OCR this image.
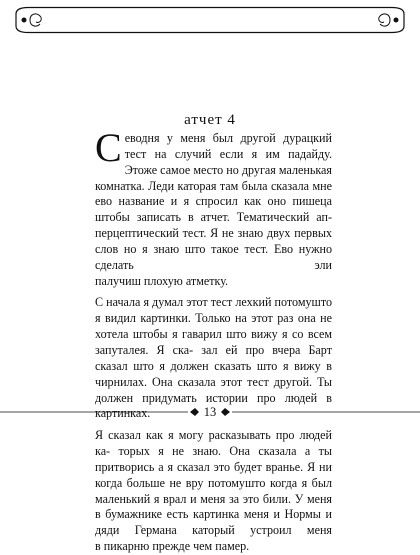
атчет 4

Севодня у меня был другой дурацкий тест на случий если я им падайду. Этоже самое место но другая маленькая комнатка. Леди каторая там была сказала мне ево название и я спросил как оно пишеца штобы записать в атчет. Тематический ап- перцептический тест. Я не знаю двух первых слов но я знаю што такое тест. Ево нужно сделать эли

палучиш плохую атметку.

С начала я думал этот тест лехкий потомушто я видил картинки. Только на этот раз она не хотела штобы я гаварил што вижу я со всем запуталея. Я ска- зал ей про вчера Барт сказал што я должен сказать што я вижу в чирнилах. Она сказала этот тест другой. Ты

должен придумать истории про людей в картинках.

Я сказал как я могу расказывать про людей ка- торых я не знаю. Она сказала а ты притворись а я сказал это будет вранье. Я ни когда больше не вру потомушто когда я был маленький я врал и меня за это били. У меня в бумажнике есть картинка меня и Нормы и дяди Германа каторый устроил меня

в пикарню прежде чем памер.

13
